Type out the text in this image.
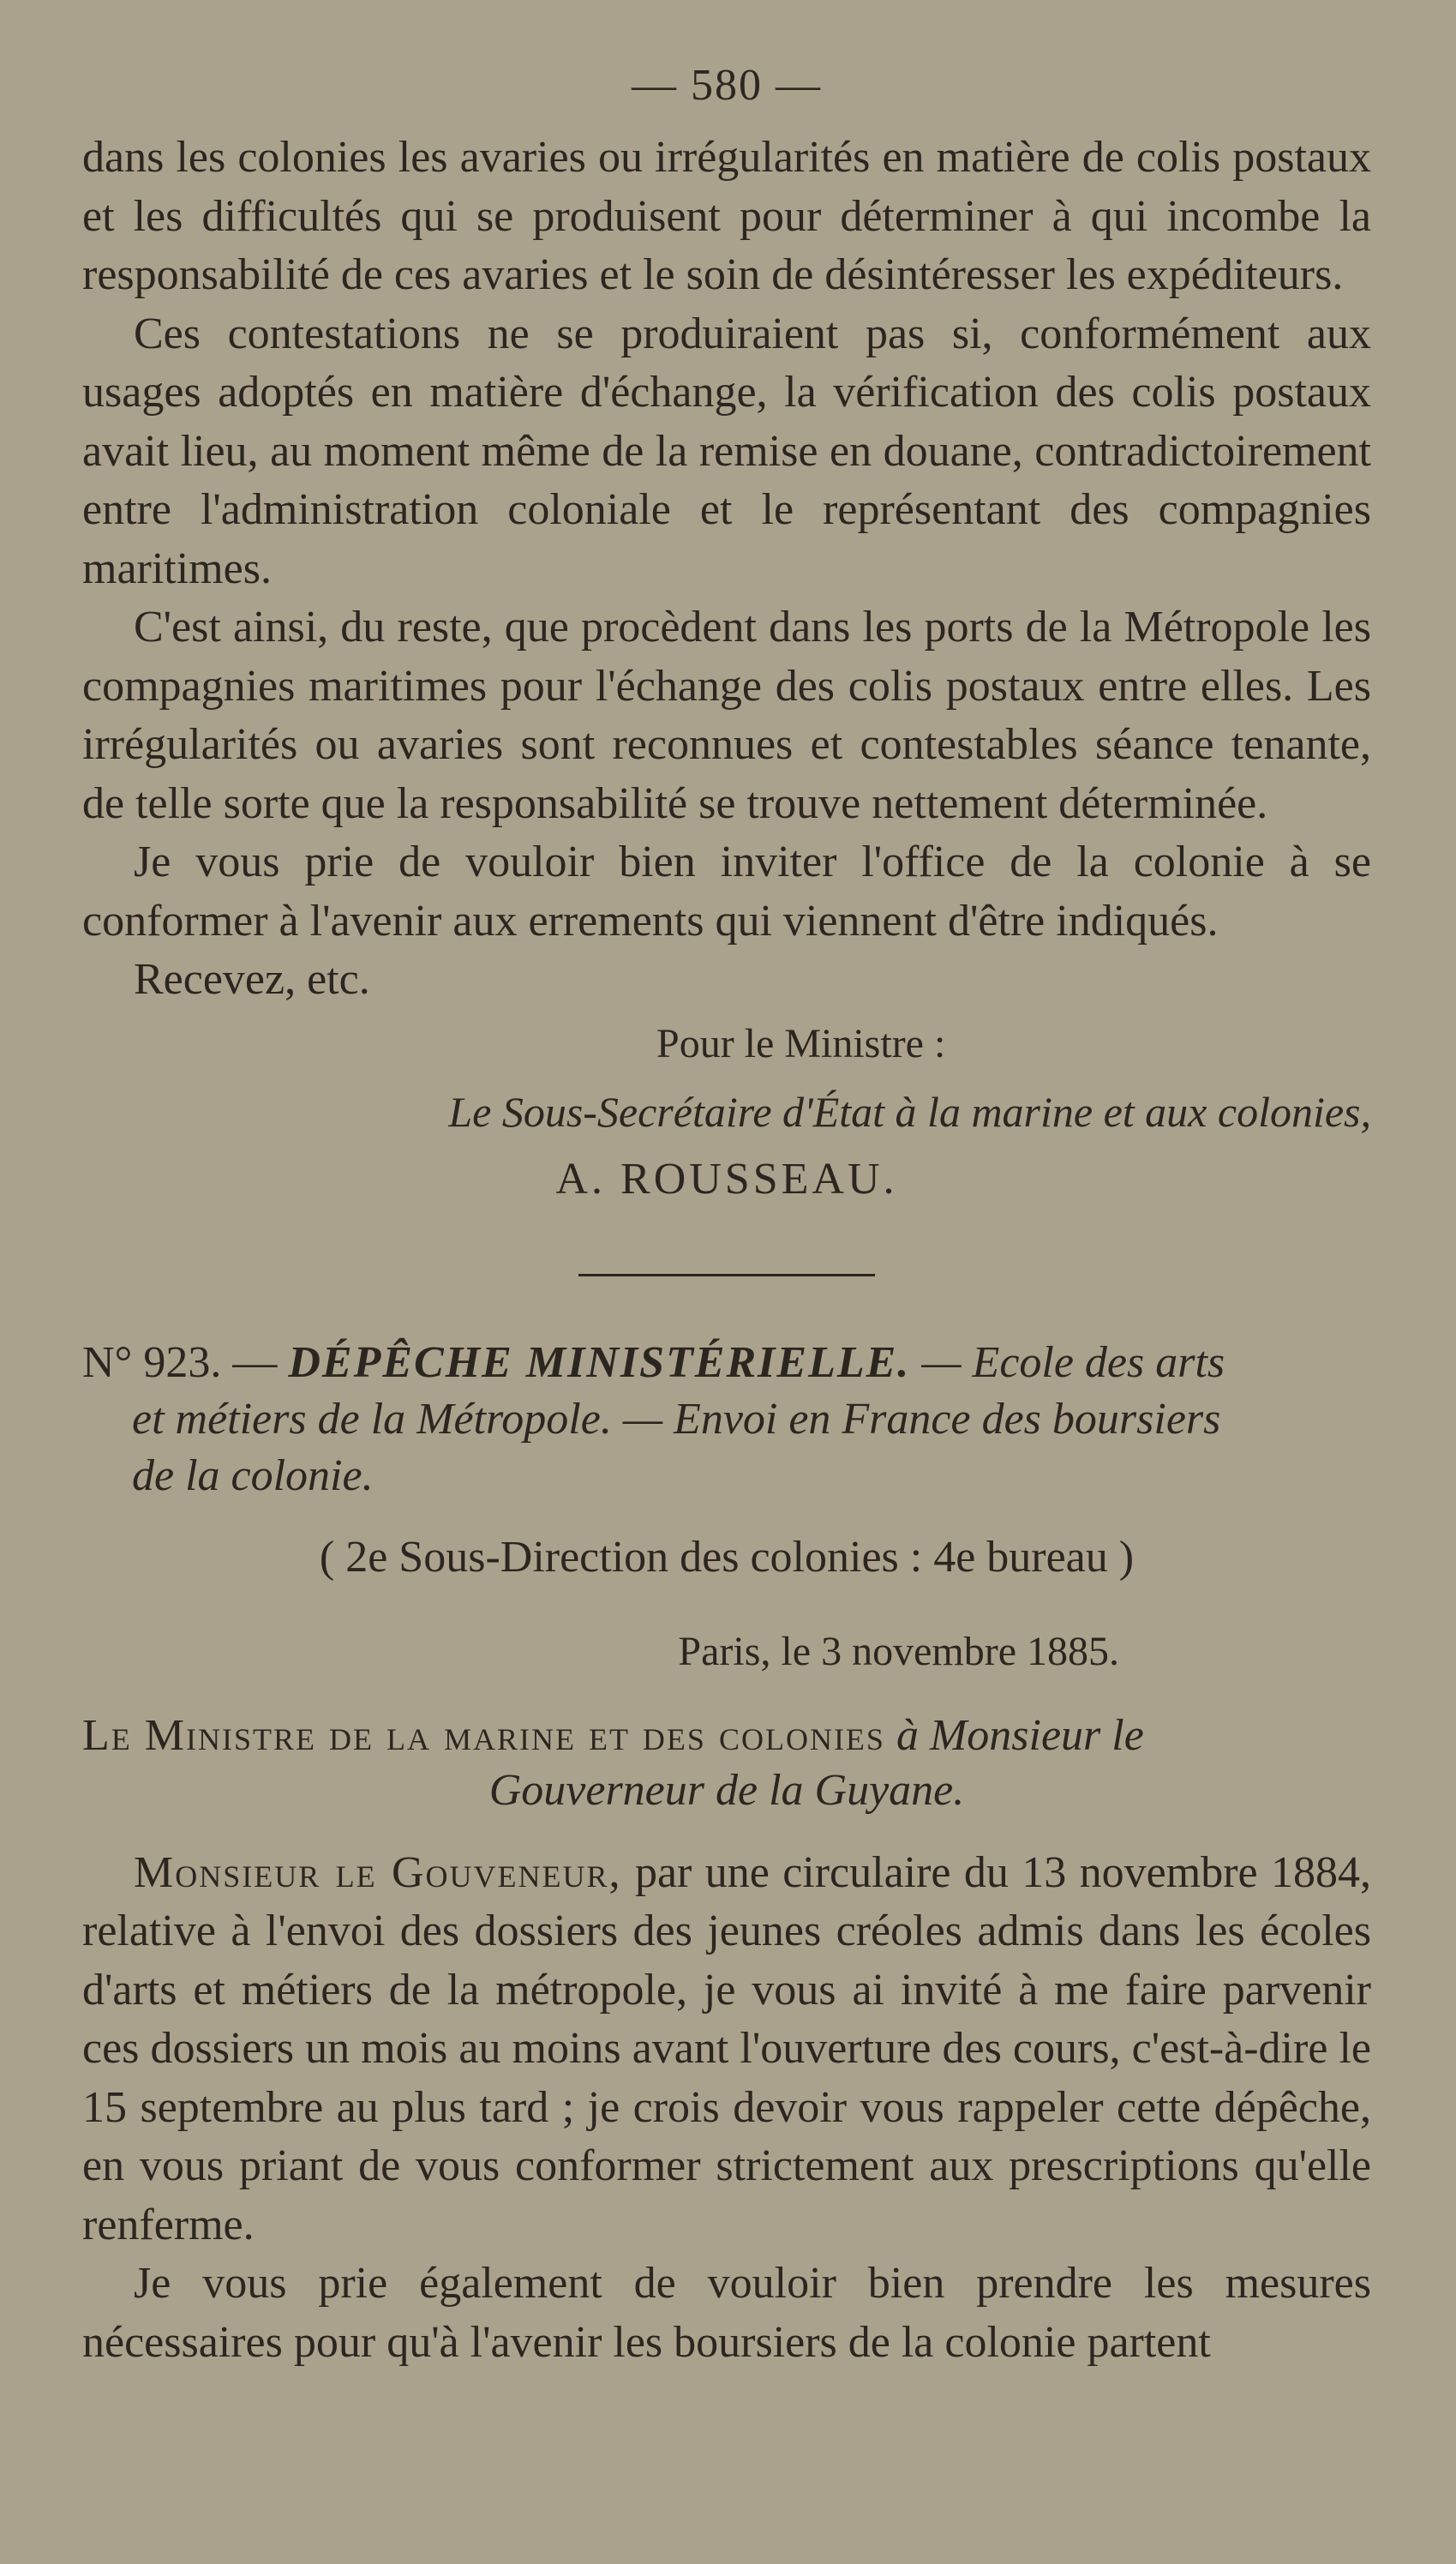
— 580 —

dans les colonies les avaries ou irrégularités en matière de colis postaux et les difficultés qui se produisent pour déterminer à qui incombe la responsabilité de ces avaries et le soin de désintéresser les expéditeurs.

Ces contestations ne se produiraient pas si, conformément aux usages adoptés en matière d'échange, la vérification des colis postaux avait lieu, au moment même de la remise en douane, contradictoirement entre l'administration coloniale et le représentant des compagnies maritimes.

C'est ainsi, du reste, que procèdent dans les ports de la Métropole les compagnies maritimes pour l'échange des colis postaux entre elles. Les irrégularités ou avaries sont reconnues et contestables séance tenante, de telle sorte que la responsabilité se trouve nettement déterminée.

Je vous prie de vouloir bien inviter l'office de la colonie à se conformer à l'avenir aux errements qui viennent d'être indiqués.

Recevez, etc.

Pour le Ministre :
Le Sous-Secrétaire d'État à la marine et aux colonies,
A. ROUSSEAU.
N° 923. — DÉPÊCHE MINISTÉRIELLE. — Ecole des arts
et métiers de la Métropole. — Envoi en France des boursiers
de la colonie.
( 2e Sous-Direction des colonies : 4e bureau )
Paris, le 3 novembre 1885.
Le Ministre de la marine et des colonies à Monsieur le
Gouverneur de la Guyane.

Monsieur le Gouveneur, par une circulaire du 13 novembre 1884, relative à l'envoi des dossiers des jeunes créoles admis dans les écoles d'arts et métiers de la métropole, je vous ai invité à me faire parvenir ces dossiers un mois au moins avant l'ouverture des cours, c'est-à-dire le 15 septembre au plus tard ; je crois devoir vous rappeler cette dépêche, en vous priant de vous conformer strictement aux prescriptions qu'elle renferme.

Je vous prie également de vouloir bien prendre les mesures nécessaires pour qu'à l'avenir les boursiers de la colonie partent
